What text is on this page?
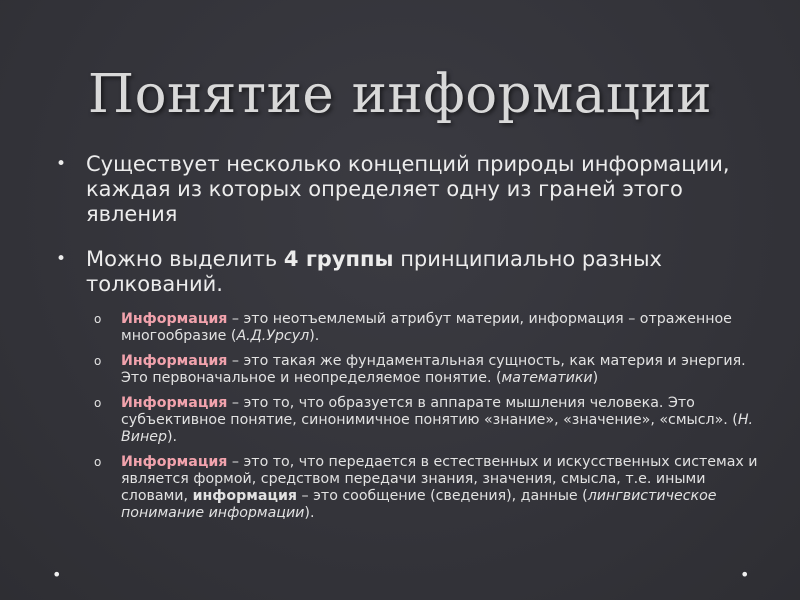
Понятие информации
• Существует несколько концепций природы информации, каждая из которых определяет одну из граней этого явления
• Можно выделить 4 группы принципиально разных толкований.
o Информация – это неотъемлемый атрибут материи, информация – отраженное многообразие (А.Д.Урсул).
o Информация – это такая же фундаментальная сущность, как материя и энергия. Это первоначальное и неопределяемое понятие. (математики)
o Информация – это то, что образуется в аппарате мышления человека. Это субъективное понятие, синонимичное понятию «знание», «значение», «смысл». (Н. Винер).
o Информация – это то, что передается в естественных и искусственных системах и является формой, средством передачи знания, значения, смысла, т.е. иными словами, информация – это сообщение (сведения), данные (лингвистическое понимание информации).
•	•
